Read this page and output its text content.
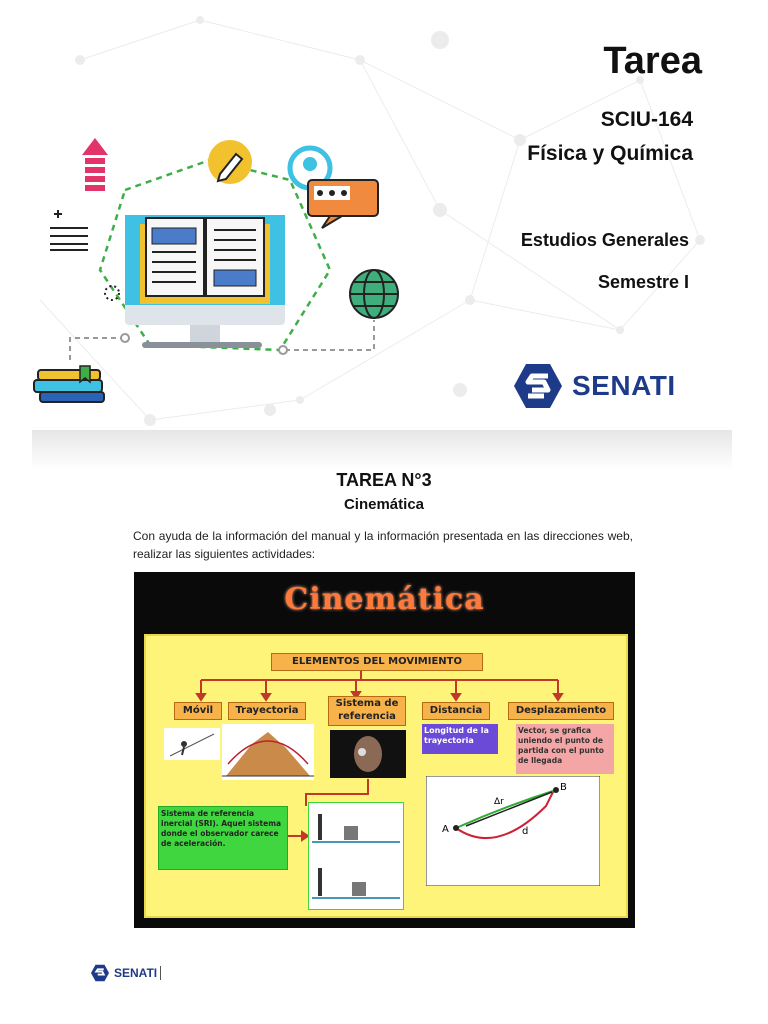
Tarea
SCIU-164
Física y Química
Estudios Generales
Semestre I
SENATI
TAREA N°3
Cinemática
Con ayuda de la información del manual y la información presentada en las direcciones web, realizar las siguientes actividades:
Cinemática
ELEMENTOS DEL MOVIMIENTO
Móvil	Trayectoria
Sistema de referencia
Distancia	Desplazamiento
Longitud de la trayectoria
Vector, se grafica uniendo el punto de partida con el punto de llegada
A
B
d
Δr
Sistema de referencia inercial (SRI). Aquel sistema donde el observador carece de aceleración.
SENATI
